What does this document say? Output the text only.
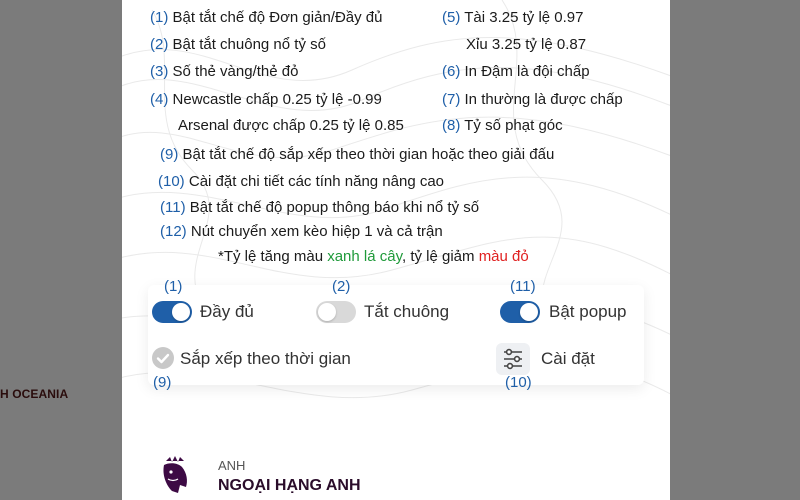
H OCEANIA
(1) Bật tắt chế độ Đơn giản/Đầy đủ
(2) Bật tắt chuông nổ tỷ số
(3) Số thẻ vàng/thẻ đỏ
(4) Newcastle chấp 0.25 tỷ lệ -0.99
Arsenal được chấp 0.25 tỷ lệ 0.85
(5) Tài 3.25 tỷ lệ 0.97
Xỉu 3.25 tỷ lệ 0.87
(6) In Đậm là đội chấp
(7) In thường là được chấp
(8) Tỷ số phạt góc
(9) Bật tắt chế độ sắp xếp theo thời gian hoặc theo giải đấu
(10) Cài đặt chi tiết các tính năng nâng cao
(11) Bật tắt chế độ popup thông báo khi nổ tỷ số
(12) Nút chuyển xem kèo hiệp 1 và cả trận
*Tỷ lệ tăng màu xanh lá cây, tỷ lệ giảm màu đỏ
(1)	(2)	(11)
Đầy đủ	Tắt chuông	Bật popup
Sắp xếp theo thời gian
(9)
Cài đặt
(10)
ANH
NGOẠI HẠNG ANH
